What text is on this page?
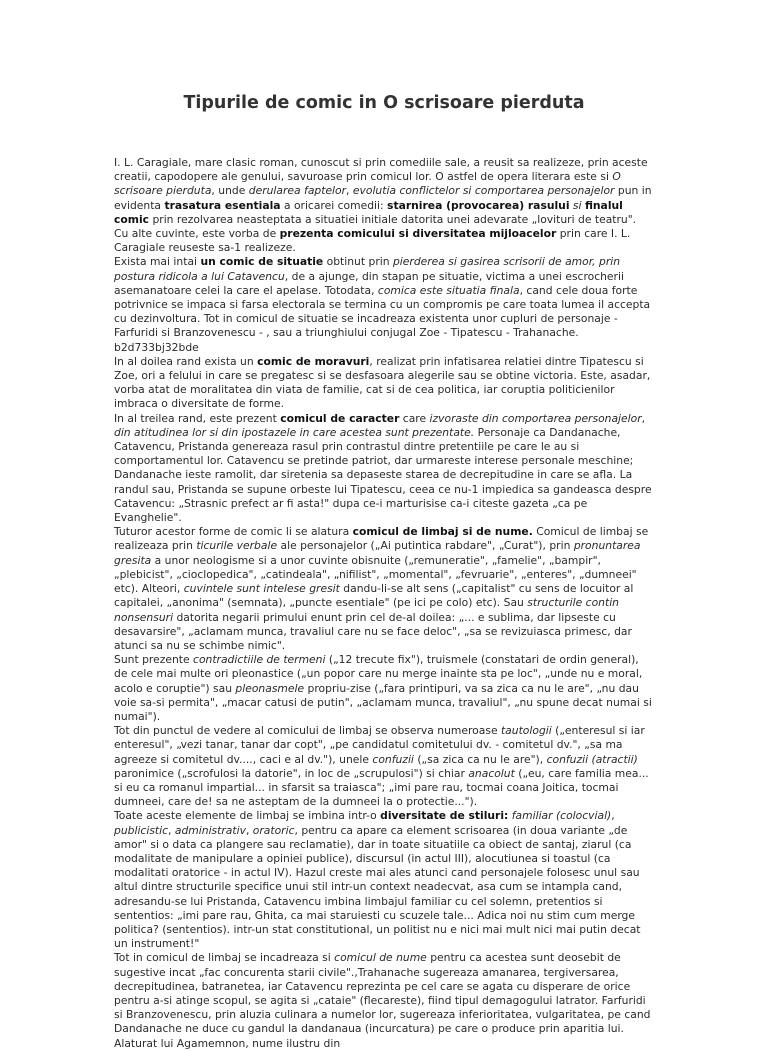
Tipurile de comic in O scrisoare pierduta

I. L. Caragiale, mare clasic roman, cunoscut si prin comediile sale, a reusit sa realizeze, prin aceste creatii, capodopere ale genului, savuroase prin comicul lor. O astfel de opera literara este si O scrisoare pierduta, unde derularea faptelor, evolutia conflictelor si comportarea personajelor pun in evidenta trasatura esentiala a oricarei comedii: starnirea (provocarea) rasului si finalul comic prin rezolvarea neasteptata a situatiei initiale datorita unei adevarate „lovituri de teatru".

Cu alte cuvinte, este vorba de prezenta comicului si diversitatea mijloacelor prin care I. L. Caragiale reuseste sa-1 realizeze.

Exista mai intai un comic de situatie obtinut prin pierderea si gasirea scrisorii de amor, prin postura ridicola a lui Catavencu, de a ajunge, din stapan pe situatie, victima a unei escrocherii asemanatoare celei la care el apelase. Totodata, comica este situatia finala, cand cele doua forte potrivnice se impaca si farsa electorala se termina cu un compromis pe care toata lumea il accepta cu dezinvoltura. Tot in comicul de situatie se incadreaza existenta unor cupluri de personaje - Farfuridi si Branzovenescu - , sau a triunghiului conjugal Zoe - Tipatescu - Trahanache. b2d733bj32bde

In al doilea rand exista un comic de moravuri, realizat prin infatisarea relatiei dintre Tipatescu si Zoe, ori a felului in care se pregatesc si se desfasoara alegerile sau se obtine victoria. Este, asadar, vorba atat de moralitatea din viata de familie, cat si de cea politica, iar coruptia politicienilor imbraca o diversitate de forme.

In al treilea rand, este prezent comicul de caracter care izvoraste din comportarea personajelor, din atitudinea lor si din ipostazele in care acestea sunt prezentate. Personaje ca Dandanache, Catavencu, Pristanda genereaza rasul prin contrastul dintre pretentiile pe care le au si comportamentul lor. Catavencu se pretinde patriot, dar urmareste interese personale meschine; Dandanache ieste ramolit, dar siretenia sa depaseste starea de decrepitudine in care se afla. La randul sau, Pristanda se supune orbeste lui Tipatescu, ceea ce nu-1 impiedica sa gandeasca despre Catavencu: „Strasnic prefect ar fi asta!" dupa ce-i marturisise ca-i citeste gazeta „ca pe Evanghelie".

Tuturor acestor forme de comic li se alatura comicul de limbaj si de nume. Comicul de limbaj se realizeaza prin ticurile verbale ale personajelor („Ai putintica rabdare", „Curat"), prin pronuntarea gresita a unor neologisme si a unor cuvinte obisnuite („remuneratie", „famelie", „bampir", „plebicist", „cioclopedica", „catindeala", „nifilist", „momental", „fevruarie", „enteres", „dumneei" etc). Alteori, cuvintele sunt intelese gresit dandu-li-se alt sens („capitalist" cu sens de locuitor al capitalei, „anonima" (semnata), „puncte esentiale" (pe ici pe colo) etc). Sau structurile contin nonsensuri datorita negarii primului enunt prin cel de-al doilea: „... e sublima, dar lipseste cu desavarsire", „aclamam munca, travaliul care nu se face deloc", „sa se revizuiasca primesc, dar atunci sa nu se schimbe nimic".

Sunt prezente contradictiile de termeni („12 trecute fix"), truismele (constatari de ordin general), de cele mai multe ori pleonastice („un popor care nu merge inainte sta pe loc", „unde nu e moral, acolo e coruptie") sau pleonasmele propriu-zise („fara printipuri, va sa zica ca nu le are", „nu dau voie sa-si permita", „macar catusi de putin", „aclamam munca, travaliul", „nu spune decat numai si numai").

Tot din punctul de vedere al comicului de limbaj se observa numeroase tautologii („enteresul si iar enteresul", „vezi tanar, tanar dar copt", „pe candidatul comitetului dv. - comitetul dv.", „sa ma agreeze si comitetul dv...., caci e al dv."), unele confuzii („sa zica ca nu le are"), confuzii (atractii) paronimice („scrofulosi la datorie", in loc de „scrupulosi") si chiar anacolut („eu, care familia mea... si eu ca romanul impartial... in sfarsit sa traiasca"; „imi pare rau, tocmai coana Joitica, tocmai dumneei, care de! sa ne asteptam de la dumneei la o protectie...").

Toate aceste elemente de limbaj se imbina intr-o diversitate de stiluri: familiar (colocvial), publicistic, administrativ, oratoric, pentru ca apare ca element scrisoarea (in doua variante „de amor" si o data ca plangere sau reclamatie), dar in toate situatiile ca obiect de santaj, ziarul (ca modalitate de manipulare a opiniei publice), discursul (in actul III), alocutiunea si toastul (ca modalitati oratorice - in actul IV). Hazul creste mai ales atunci cand personajele folosesc unul sau altul dintre structurile specifice unui stil intr-un context neadecvat, asa cum se intampla cand, adresandu-se lui Pristanda, Catavencu imbina limbajul familiar cu cel solemn, pretentios si sententios: „imi pare rau, Ghita, ca mai staruiesti cu scuzele tale... Adica noi nu stim cum merge politica? (sententios). intr-un stat constitutional, un politist nu e nici mai mult nici mai putin decat un instrument!"

Tot in comicul de limbaj se incadreaza si comicul de nume pentru ca acestea sunt deosebit de sugestive incat „fac concurenta starii civile".,Trahanache sugereaza amanarea, tergiversarea, decrepitudinea, batranetea, iar Catavencu reprezinta pe cel care se agata cu disperare de orice pentru a-si atinge scopul, se agita si „cataie" (flecareste), fiind tipul demagogului latrator. Farfuridi si Branzovenescu, prin aluzia culinara a numelor lor, sugereaza inferioritatea, vulgaritatea, pe cand Dandanache ne duce cu gandul la dandanaua (incurcatura) pe care o produce prin aparitia lui. Alaturat lui Agamemnon, nume ilustru din
